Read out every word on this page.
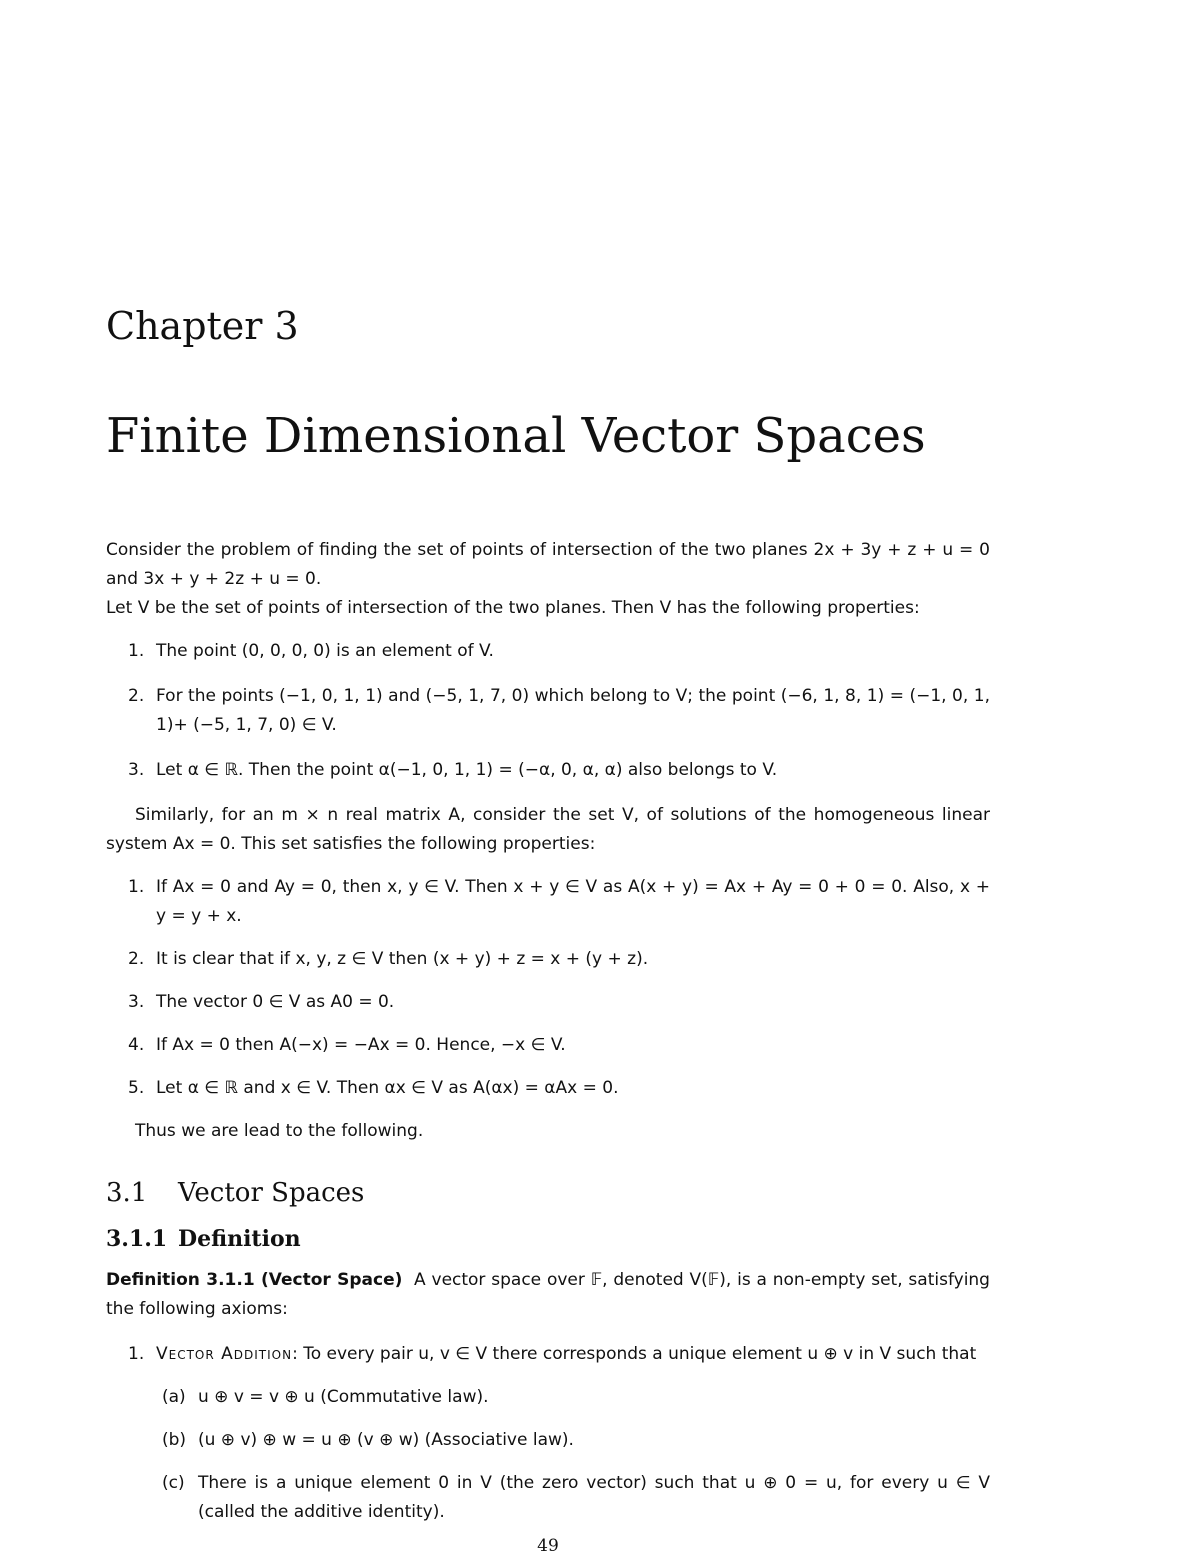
Chapter 3
Finite Dimensional Vector Spaces

Consider the problem of finding the set of points of intersection of the two planes 2x + 3y + z + u = 0 and 3x + y + 2z + u = 0.

Let V be the set of points of intersection of the two planes. Then V has the following properties:

1. The point (0, 0, 0, 0) is an element of V.
2. For the points (−1, 0, 1, 1) and (−5, 1, 7, 0) which belong to V; the point (−6, 1, 8, 1) = (−1, 0, 1, 1)+ (−5, 1, 7, 0) ∈ V.
3. Let α ∈ ℝ. Then the point α(−1, 0, 1, 1) = (−α, 0, α, α) also belongs to V.

Similarly, for an m × n real matrix A, consider the set V, of solutions of the homogeneous linear system Ax = 0. This set satisfies the following properties:

1. If Ax = 0 and Ay = 0, then x, y ∈ V. Then x + y ∈ V as A(x + y) = Ax + Ay = 0 + 0 = 0. Also, x + y = y + x.
2. It is clear that if x, y, z ∈ V then (x + y) + z = x + (y + z).
3. The vector 0 ∈ V as A0 = 0.
4. If Ax = 0 then A(−x) = −Ax = 0. Hence, −x ∈ V.
5. Let α ∈ ℝ and x ∈ V. Then αx ∈ V as A(αx) = αAx = 0.

Thus we are lead to the following.

3.1 Vector Spaces
3.1.1 Definition

Definition 3.1.1 (Vector Space) A vector space over 𝔽, denoted V(𝔽), is a non-empty set, satisfying the following axioms:

1. Vector Addition: To every pair u, v ∈ V there corresponds a unique element u ⊕ v in V such that
(a) u ⊕ v = v ⊕ u (Commutative law).
(b) (u ⊕ v) ⊕ w = u ⊕ (v ⊕ w) (Associative law).
(c) There is a unique element 0 in V (the zero vector) such that u ⊕ 0 = u, for every u ∈ V (called the additive identity).
49
